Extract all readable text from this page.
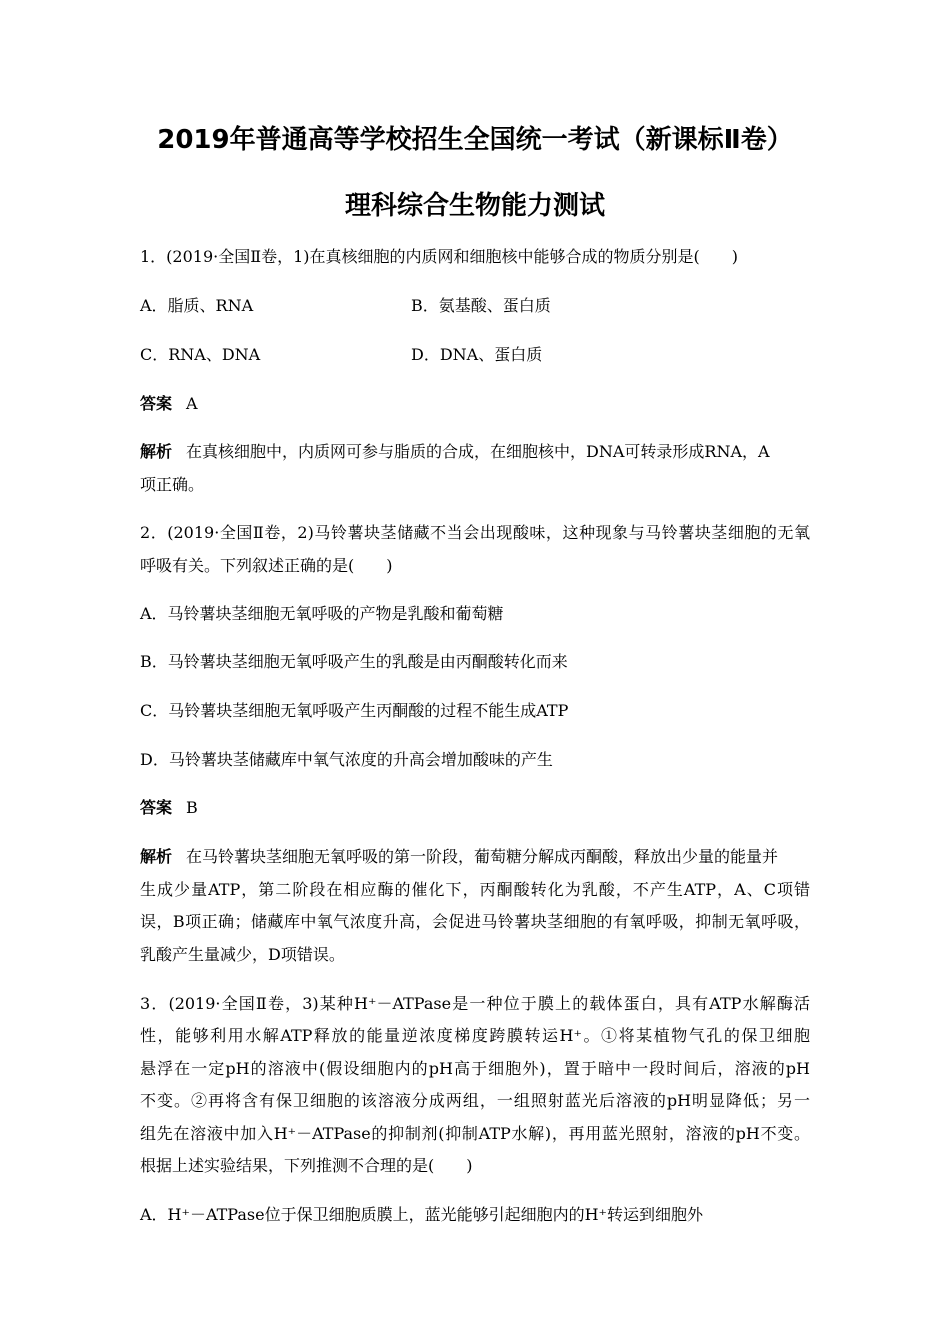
2019年普通高等学校招生全国统一考试（新课标Ⅱ卷）
理科综合生物能力测试
1．(2019·全国Ⅱ卷，1)在真核细胞的内质网和细胞核中能够合成的物质分别是(　　)
A．脂质、RNA	B．氨基酸、蛋白质
C．RNA、DNA	D．DNA、蛋白质
答案 A
解析 在真核细胞中，内质网可参与脂质的合成，在细胞核中，DNA可转录形成RNA，A
项正确。
2．(2019·全国Ⅱ卷，2)马铃薯块茎储藏不当会出现酸味，这种现象与马铃薯块茎细胞的无氧
呼吸有关。下列叙述正确的是(　　)
A．马铃薯块茎细胞无氧呼吸的产物是乳酸和葡萄糖
B．马铃薯块茎细胞无氧呼吸产生的乳酸是由丙酮酸转化而来
C．马铃薯块茎细胞无氧呼吸产生丙酮酸的过程不能生成ATP
D．马铃薯块茎储藏库中氧气浓度的升高会增加酸味的产生
答案 B
解析 在马铃薯块茎细胞无氧呼吸的第一阶段，葡萄糖分解成丙酮酸，释放出少量的能量并
生成少量ATP，第二阶段在相应酶的催化下，丙酮酸转化为乳酸，不产生ATP，A、C项错
误，B项正确；储藏库中氧气浓度升高，会促进马铃薯块茎细胞的有氧呼吸，抑制无氧呼吸，
乳酸产生量减少，D项错误。
3．(2019·全国Ⅱ卷，3)某种H⁺－ATPase是一种位于膜上的载体蛋白，具有ATP水解酶活
性，能够利用水解ATP释放的能量逆浓度梯度跨膜转运H⁺。①将某植物气孔的保卫细胞
悬浮在一定pH的溶液中(假设细胞内的pH高于细胞外)，置于暗中一段时间后，溶液的pH
不变。②再将含有保卫细胞的该溶液分成两组，一组照射蓝光后溶液的pH明显降低；另一
组先在溶液中加入H⁺－ATPase的抑制剂(抑制ATP水解)，再用蓝光照射，溶液的pH不变。
根据上述实验结果，下列推测不合理的是(　　)
A．H⁺－ATPase位于保卫细胞质膜上，蓝光能够引起细胞内的H⁺转运到细胞外
